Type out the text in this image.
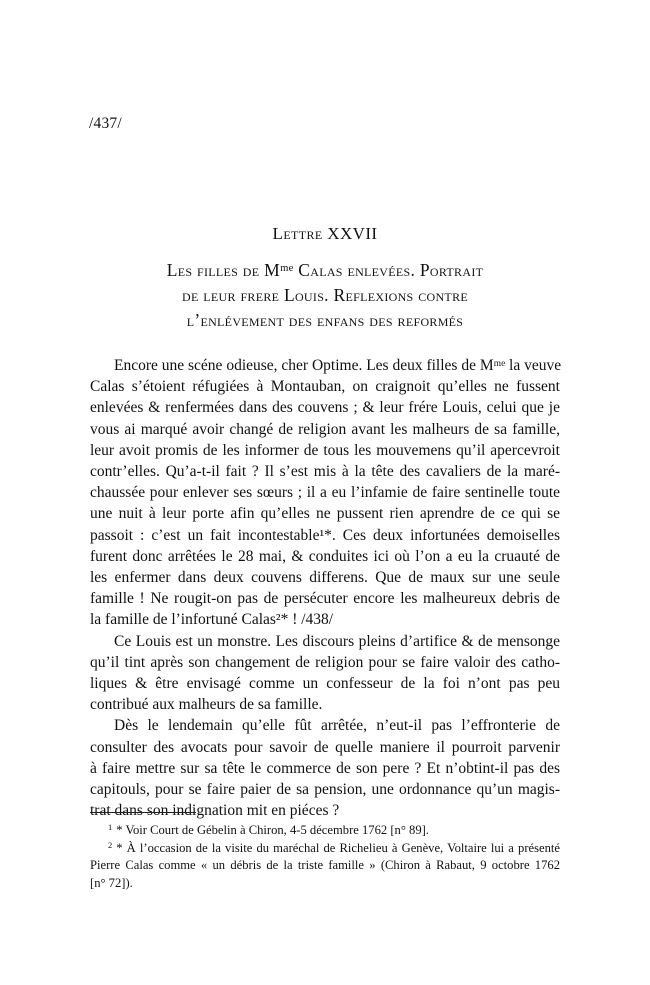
/437/
Lettre XXVII
Les filles de Mᵐᵉ Calas enlevées. Portrait
de leur frere Louis. Reflexions contre
l’enlévement des enfans des reformés
Encore une scéne odieuse, cher Optime. Les deux filles de Mᵐᵉ la veuve
Calas s’étoient réfugiées à Montauban, on craignoit qu’elles ne fussent
enlevées & renfermées dans des couvens ; & leur frére Louis, celui que je
vous ai marqué avoir changé de religion avant les malheurs de sa famille,
leur avoit promis de les informer de tous les mouvemens qu’il apercevroit
contr’elles. Qu’a-t-il fait ? Il s’est mis à la tête des cavaliers de la maré-
chaussée pour enlever ses sœurs ; il a eu l’infamie de faire sentinelle toute
une nuit à leur porte afin qu’elles ne pussent rien aprendre de ce qui se
passoit : c’est un fait incontestable¹*. Ces deux infortunées demoiselles
furent donc arrêtées le 28 mai, & conduites ici où l’on a eu la cruauté de
les enfermer dans deux couvens differens. Que de maux sur une seule
famille ! Ne rougit-on pas de persécuter encore les malheureux debris de
la famille de l’infortuné Calas²* ! /438/
Ce Louis est un monstre. Les discours pleins d’artifice & de mensonge
qu’il tint après son changement de religion pour se faire valoir des catho-
liques & être envisagé comme un confesseur de la foi n’ont pas peu
contribué aux malheurs de sa famille.
Dès le lendemain qu’elle fût arrêtée, n’eut-il pas l’effronterie de
consulter des avocats pour savoir de quelle maniere il pourroit parvenir
à faire mettre sur sa tête le commerce de son pere ? Et n’obtint-il pas des
capitouls, pour se faire paier de sa pension, une ordonnance qu’un magis-
trat dans son indignation mit en piéces ?
$^1$ * Voir Court de Gébelin à Chiron, 4-5 décembre 1762 [n° 89].
$^2$ * À l’occasion de la visite du maréchal de Richelieu à Genève, Voltaire lui a présenté
Pierre Calas comme « un débris de la triste famille » (Chiron à Rabaut, 9 octobre 1762
[n° 72]).
